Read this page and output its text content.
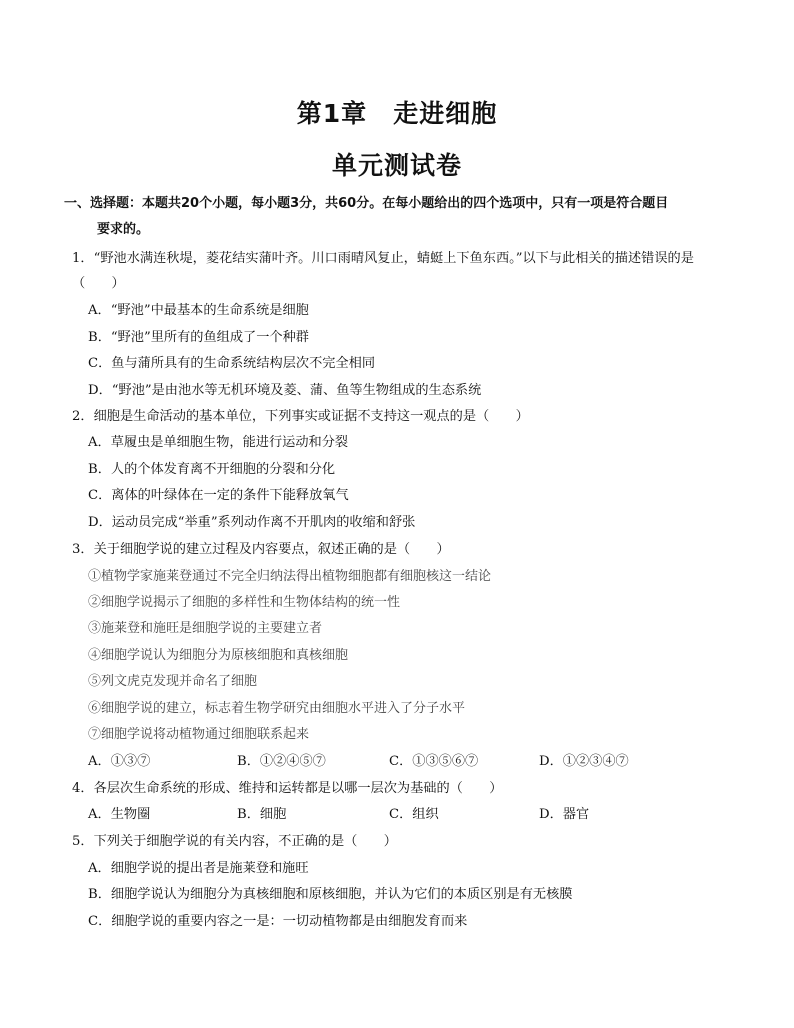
第1章 走进细胞
单元测试卷
一、选择题：本题共20个小题，每小题3分，共60分。在每小题给出的四个选项中，只有一项是符合题目
要求的。
1．“野池水满连秋堤，菱花结实蒲叶齐。川口雨晴风复止，蜻蜓上下鱼东西。”以下与此相关的描述错误的是
（　　）
A．“野池”中最基本的生命系统是细胞
B．“野池”里所有的鱼组成了一个种群
C．鱼与蒲所具有的生命系统结构层次不完全相同
D．“野池”是由池水等无机环境及菱、蒲、鱼等生物组成的生态系统
2．细胞是生命活动的基本单位，下列事实或证据不支持这一观点的是（　　）
A．草履虫是单细胞生物，能进行运动和分裂
B．人的个体发育离不开细胞的分裂和分化
C．离体的叶绿体在一定的条件下能释放氧气
D．运动员完成“举重”系列动作离不开肌肉的收缩和舒张
3．关于细胞学说的建立过程及内容要点，叙述正确的是（　　）
①植物学家施莱登通过不完全归纳法得出植物细胞都有细胞核这一结论
②细胞学说揭示了细胞的多样性和生物体结构的统一性
③施莱登和施旺是细胞学说的主要建立者
④细胞学说认为细胞分为原核细胞和真核细胞
⑤列文虎克发现并命名了细胞
⑥细胞学说的建立，标志着生物学研究由细胞水平进入了分子水平
⑦细胞学说将动植物通过细胞联系起来
A．①③⑦	B．①②④⑤⑦	C．①③⑤⑥⑦	D．①②③④⑦
4．各层次生命系统的形成、维持和运转都是以哪一层次为基础的（　　）
A．生物圈	B．细胞	C．组织	D．器官
5．下列关于细胞学说的有关内容，不正确的是（　　）
A．细胞学说的提出者是施莱登和施旺
B．细胞学说认为细胞分为真核细胞和原核细胞，并认为它们的本质区别是有无核膜
C．细胞学说的重要内容之一是：一切动植物都是由细胞发育而来
